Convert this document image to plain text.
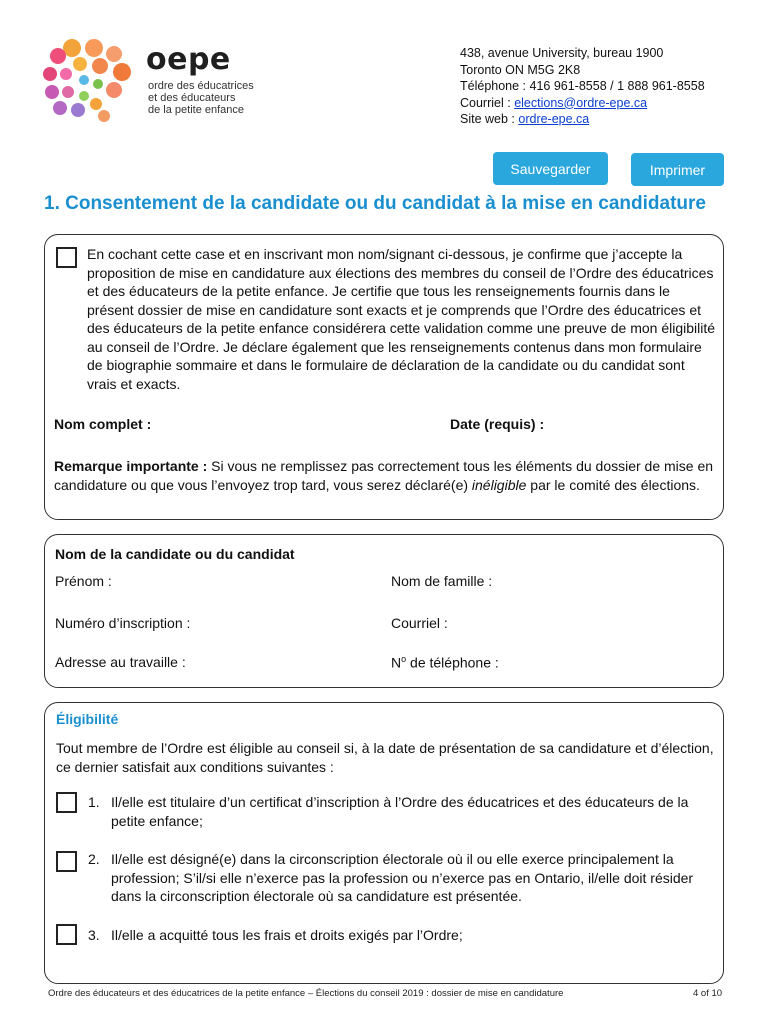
oepe
ordre des éducatrices
et des éducateurs
de la petite enfance
438, avenue University, bureau 1900
Toronto ON M5G 2K8
Téléphone : 416 961-8558 / 1 888 961-8558
Courriel : elections@ordre-epe.ca
Site web : ordre-epe.ca
Sauvegarder	Imprimer
1. Consentement de la candidate ou du candidat à la mise en candidature
En cochant cette case et en inscrivant mon nom/signant ci-dessous, je confirme que j’accepte la proposition de mise en candidature aux élections des membres du conseil de l’Ordre des éducatrices et des éducateurs de la petite enfance. Je certifie que tous les renseignements fournis dans le présent dossier de mise en candidature sont exacts et je comprends que l’Ordre des éducatrices et des éducateurs de la petite enfance considérera cette validation comme une preuve de mon éligibilité au conseil de l’Ordre. Je déclare également que les renseignements contenus dans mon formulaire de biographie sommaire et dans le formulaire de déclaration de la candidate ou du candidat sont vrais et exacts.
Nom complet :	Date (requis) :
Remarque importante : Si vous ne remplissez pas correctement tous les éléments du dossier de mise en candidature ou que vous l’envoyez trop tard, vous serez déclaré(e) inéligible par le comité des élections.
Nom de la candidate ou du candidat
Prénom :	Nom de famille :
Numéro d’inscription :	Courriel :
Adresse au travaille :	$N^o$ de téléphone :
Éligibilité
Tout membre de l’Ordre est éligible au conseil si, à la date de présentation de sa candidature et d’élection, ce dernier satisfait aux conditions suivantes :
1. Il/elle est titulaire d’un certificat d’inscription à l’Ordre des éducatrices et des éducateurs de la petite enfance;
2. Il/elle est désigné(e) dans la circonscription électorale où il ou elle exerce principalement la profession; S’il/si elle n’exerce pas la profession ou n’exerce pas en Ontario, il/elle doit résider dans la circonscription électorale où sa candidature est présentée.
3. Il/elle a acquitté tous les frais et droits exigés par l’Ordre;
Ordre des éducateurs et des éducatrices de la petite enfance – Élections du conseil 2019 : dossier de mise en candidature	4 of 10
